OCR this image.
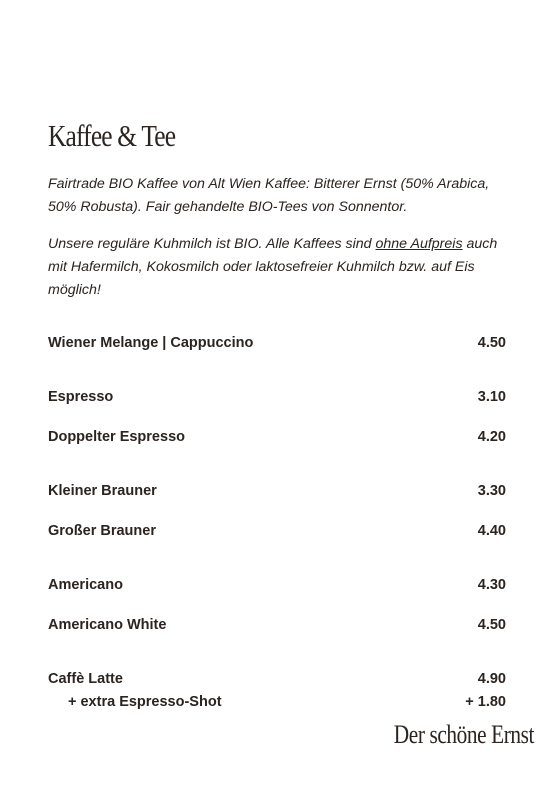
Kaffee & Tee

Fairtrade BIO Kaffee von Alt Wien Kaffee: Bitterer Ernst (50% Arabica, 50% Robusta). Fair gehandelte BIO-Tees von Sonnentor.

Unsere reguläre Kuhmilch ist BIO. Alle Kaffees sind ohne Aufpreis auch mit Hafermilch, Kokosmilch oder laktosefreier Kuhmilch bzw. auf Eis möglich!

Wiener Melange | Cappuccino	4.50
Espresso	3.10
Doppelter Espresso	4.20
Kleiner Brauner	3.30
Großer Brauner	4.40
Americano	4.30
Americano White	4.50
Caffè Latte	4.90
+ extra Espresso-Shot	+ 1.80
Der schöne Ernst
